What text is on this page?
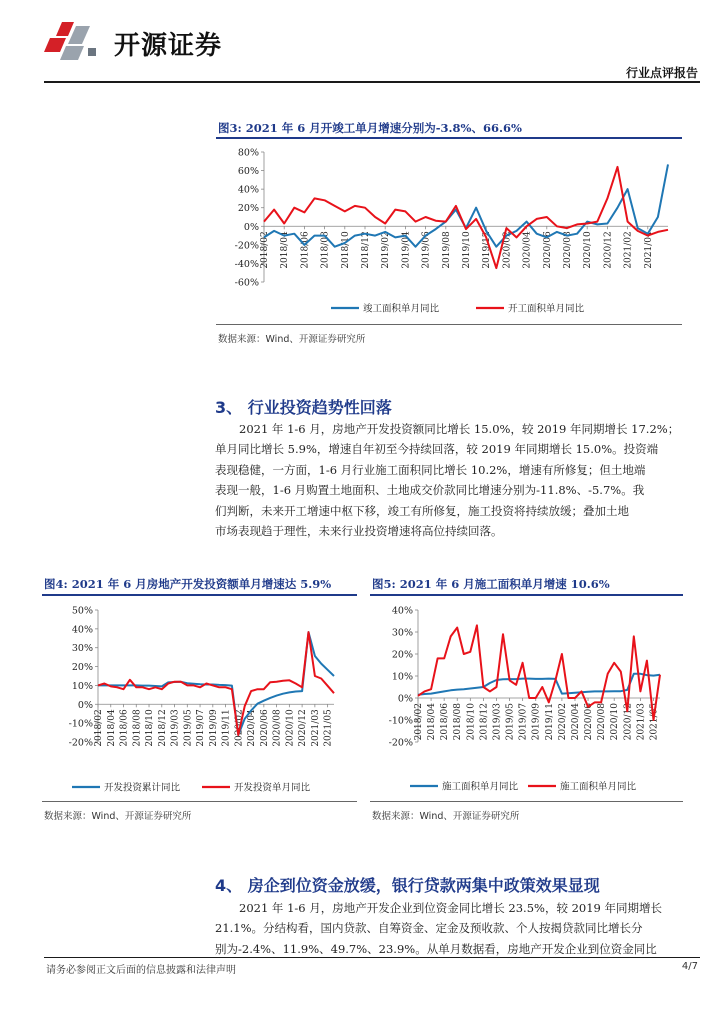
开源证券
行业点评报告
图3: 2021 年 6 月开竣工单月增速分别为-3.8%、66.6%
80%
60%
40%
20%
0%
-20%
-40%
-60%
2018/02 2018/04 2018/06 2018/08 2018/10 2018/12 2019/02 2019/04 2019/06 2019/08 2019/10 2019/12 2020/02 2020/04 2020/06 2020/08 2020/10 2020/12 2021/02 2021/04
竣工面积单月同比	开工面积单月同比
数据来源：Wind、开源证券研究所
3、 行业投资趋势性回落

2021 年 1-6 月，房地产开发投资额同比增长 15.0%，较 2019 年同期增长 17.2%；

单月同比增长 5.9%，增速自年初至今持续回落，较 2019 年同期增长 15.0%。投资端

表现稳健，一方面，1-6 月行业施工面积同比增长 10.2%，增速有所修复；但土地端

表现一般，1-6 月购置土地面积、土地成交价款同比增速分别为-11.8%、-5.7%。我

们判断，未来开工增速中枢下移，竣工有所修复，施工投资将持续放缓；叠加土地

市场表现趋于理性，未来行业投资增速将高位持续回落。

图4: 2021 年 6 月房地产开发投资额单月增速达 5.9%
50%
40%
30%
20%
10%
0%
-10%
-20% 2018/02 2018/04 2018/06 2018/08 2018/10 2018/12 2019/03 2019/05 2019/07 2019/09 2019/11 2020/02 2020/04 2020/06 2020/08 2020/10 2020/12 2021/03 2021/05
开发投资累计同比	开发投资单月同比
数据来源：Wind、开源证券研究所
图5: 2021 年 6 月施工面积单月增速 10.6%
40%
30%
20%
10%
0%
-10%
-20%
2018/02 2018/04 2018/06 2018/08 2018/10 2018/12 2019/03 2019/05 2019/07 2019/09 2019/11 2020/02 2020/04 2020/06 2020/08 2020/10 2020/12 2021/03 2021/05
施工面积单月同比	施工面积单月同比
数据来源：Wind、开源证券研究所
4、 房企到位资金放缓，银行贷款两集中政策效果显现

2021 年 1-6 月，房地产开发企业到位资金同比增长 23.5%，较 2019 年同期增长

21.1%。分结构看，国内贷款、自筹资金、定金及预收款、个人按揭贷款同比增长分

别为-2.4%、11.9%、49.7%、23.9%。从单月数据看，房地产开发企业到位资金同比

请务必参阅正文后面的信息披露和法律声明	4/7
